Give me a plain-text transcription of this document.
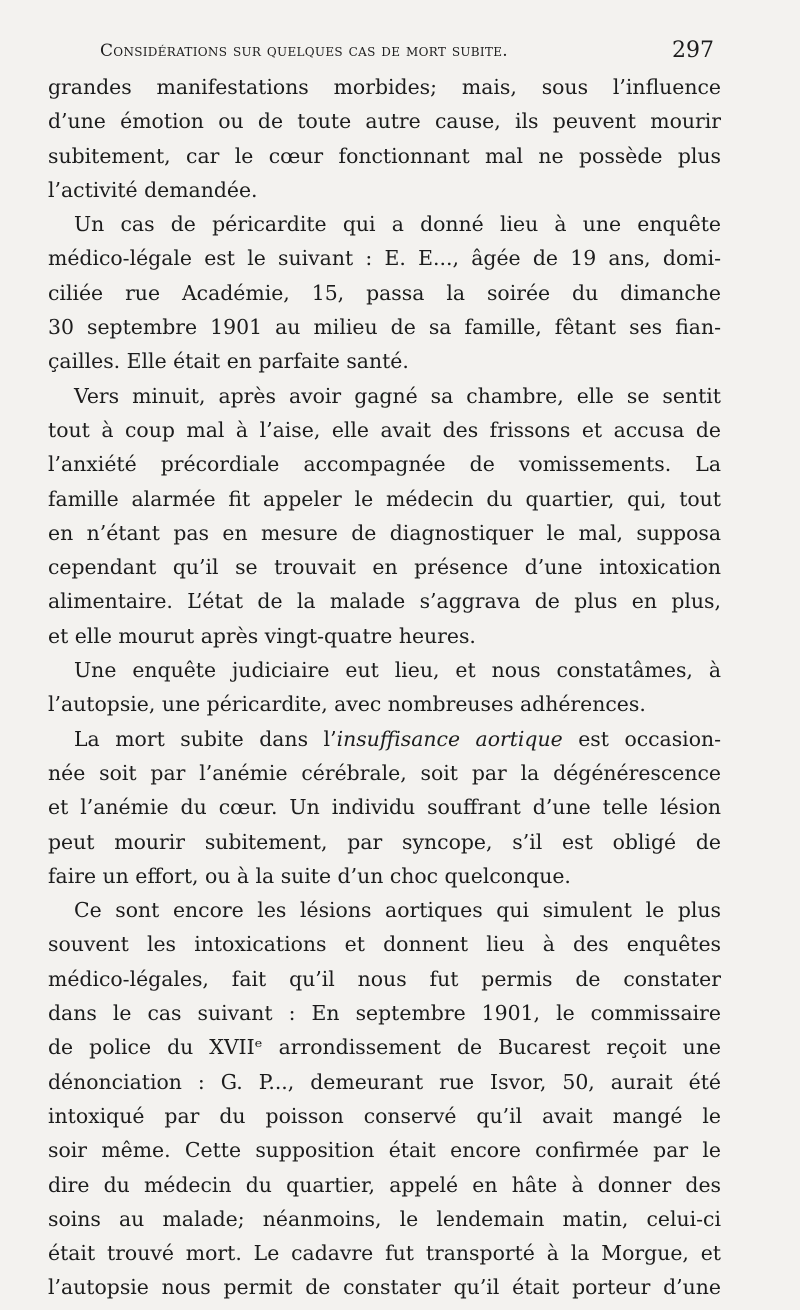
Considérations sur quelques cas de mort subite.	297
grandes manifestations morbides; mais, sous l’influence
d’une émotion ou de toute autre cause, ils peuvent mourir
subitement, car le cœur fonctionnant mal ne possède plus
l’activité demandée.
Un cas de péricardite qui a donné lieu à une enquête
médico-légale est le suivant : E. E..., âgée de 19 ans, domi-
ciliée rue Académie, 15, passa la soirée du dimanche
30 septembre 1901 au milieu de sa famille, fêtant ses fian-
çailles. Elle était en parfaite santé.
Vers minuit, après avoir gagné sa chambre, elle se sentit
tout à coup mal à l’aise, elle avait des frissons et accusa de
l’anxiété précordiale accompagnée de vomissements. La
famille alarmée fit appeler le médecin du quartier, qui, tout
en n’étant pas en mesure de diagnostiquer le mal, supposa
cependant qu’il se trouvait en présence d’une intoxication
alimentaire. L’état de la malade s’aggrava de plus en plus,
et elle mourut après vingt-quatre heures.
Une enquête judiciaire eut lieu, et nous constatâmes, à
l’autopsie, une péricardite, avec nombreuses adhérences.
La mort subite dans l’insuffisance aortique est occasion-
née soit par l’anémie cérébrale, soit par la dégénérescence
et l’anémie du cœur. Un individu souffrant d’une telle lésion
peut mourir subitement, par syncope, s’il est obligé de
faire un effort, ou à la suite d’un choc quelconque.
Ce sont encore les lésions aortiques qui simulent le plus
souvent les intoxications et donnent lieu à des enquêtes
médico-légales, fait qu’il nous fut permis de constater
dans le cas suivant : En septembre 1901, le commissaire
de police du XVIIᵉ arrondissement de Bucarest reçoit une
dénonciation : G. P..., demeurant rue Isvor, 50, aurait été
intoxiqué par du poisson conservé qu’il avait mangé le
soir même. Cette supposition était encore confirmée par le
dire du médecin du quartier, appelé en hâte à donner des
soins au malade; néanmoins, le lendemain matin, celui-ci
était trouvé mort. Le cadavre fut transporté à la Morgue, et
l’autopsie nous permit de constater qu’il était porteur d’une
